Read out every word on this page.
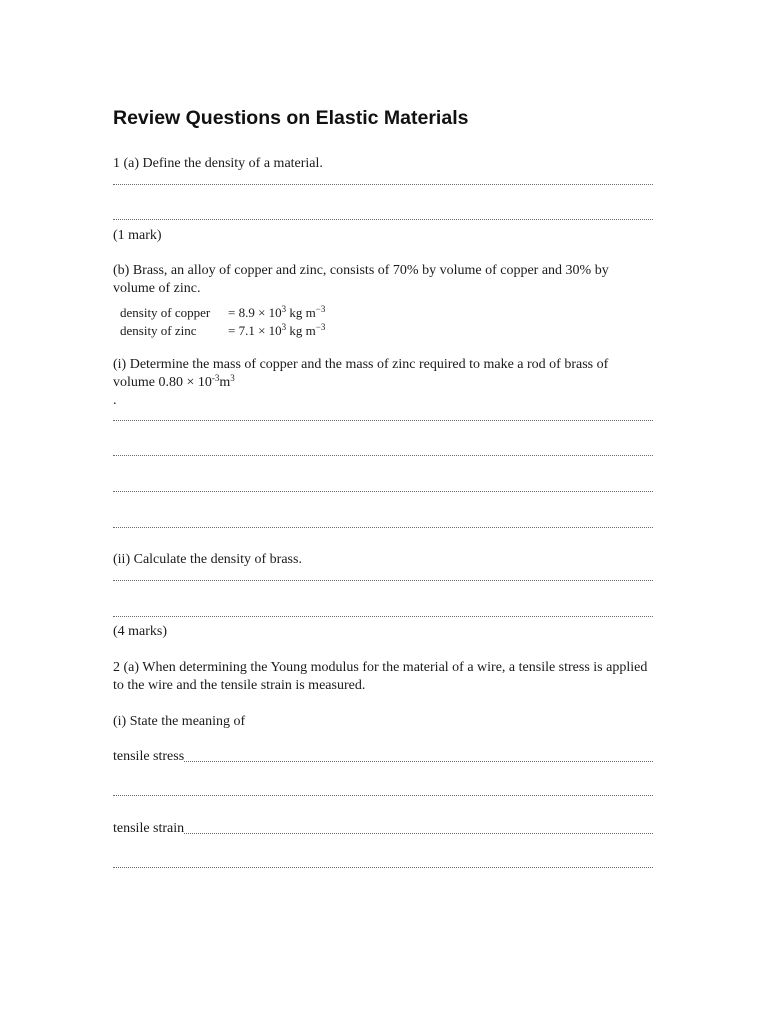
Review Questions on Elastic Materials
1 (a) Define the density of a material.
(1 mark)
(b) Brass, an alloy of copper and zinc, consists of 70% by volume of copper and 30% by volume of zinc.
density of copper = $8.9 \times 10^3$ kg $m^{-3}$
density of zinc = $7.1 \times 10^3$ kg $m^{-3}$
(i) Determine the mass of copper and the mass of zinc required to make a rod of brass of
volume $0.80 \times 10^{-3}m^3$
.
(ii) Calculate the density of brass.
(4 marks)
2 (a) When determining the Young modulus for the material of a wire, a tensile stress is applied to the wire and the tensile strain is measured.
(i) State the meaning of
tensile stress
tensile strain
